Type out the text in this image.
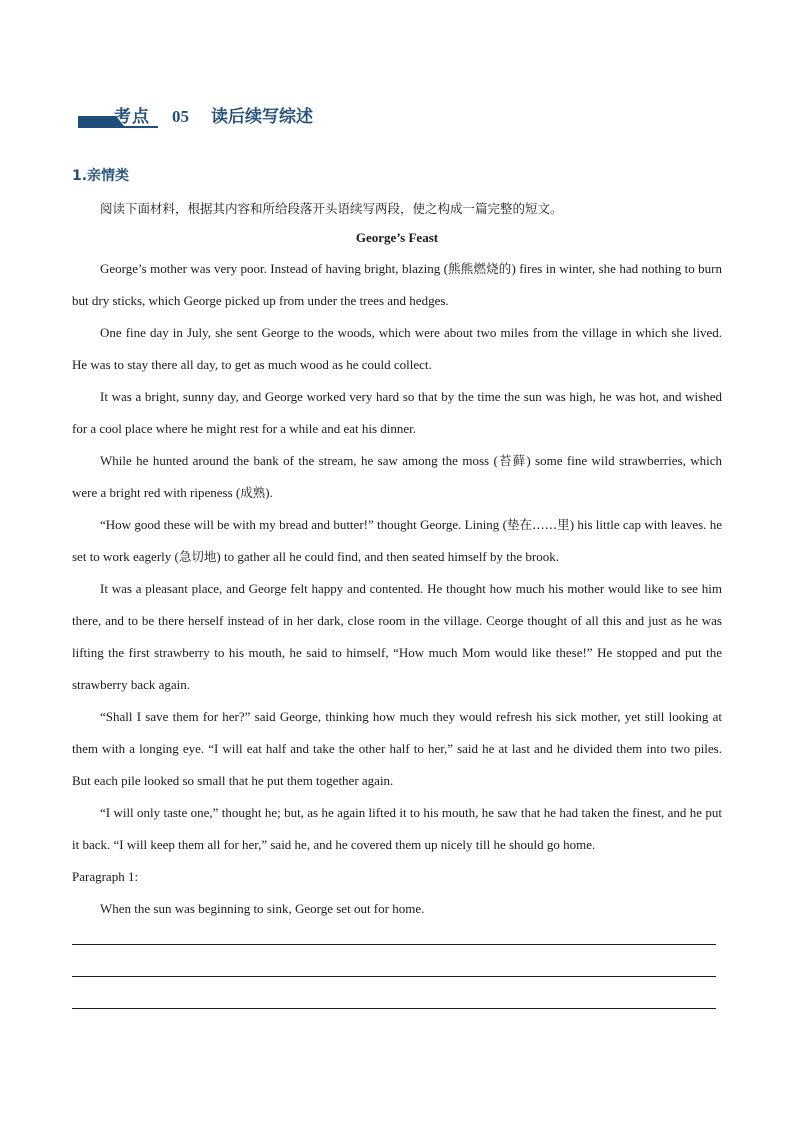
考点 05 读后续写综述
1.亲情类
阅读下面材料，根据其内容和所给段落开头语续写两段，使之构成一篇完整的短文。
George’s Feast

George’s mother was very poor. Instead of having bright, blazing (熊熊燃烧的) fires in winter, she had nothing to burn but dry sticks, which George picked up from under the trees and hedges.

One fine day in July, she sent George to the woods, which were about two miles from the village in which she lived. He was to stay there all day, to get as much wood as he could collect.

It was a bright, sunny day, and George worked very hard so that by the time the sun was high, he was hot, and wished for a cool place where he might rest for a while and eat his dinner.

While he hunted around the bank of the stream, he saw among the moss (苔藓) some fine wild strawberries, which were a bright red with ripeness (成熟).

“How good these will be with my bread and butter!” thought George. Lining (垫在……里) his little cap with leaves. he set to work eagerly (急切地) to gather all he could find, and then seated himself by the brook.

It was a pleasant place, and George felt happy and contented. He thought how much his mother would like to see him there, and to be there herself instead of in her dark, close room in the village. Ceorge thought of all this and just as he was lifting the first strawberry to his mouth, he said to himself, “How much Mom would like these!” He stopped and put the strawberry back again.

“Shall I save them for her?” said George, thinking how much they would refresh his sick mother, yet still looking at them with a longing eye. “I will eat half and take the other half to her,” said he at last and he divided them into two piles. But each pile looked so small that he put them together again.

“I will only taste one,” thought he; but, as he again lifted it to his mouth, he saw that he had taken the finest, and he put it back. “I will keep them all for her,” said he, and he covered them up nicely till he should go home.

Paragraph 1:

When the sun was beginning to sink, George set out for home.
